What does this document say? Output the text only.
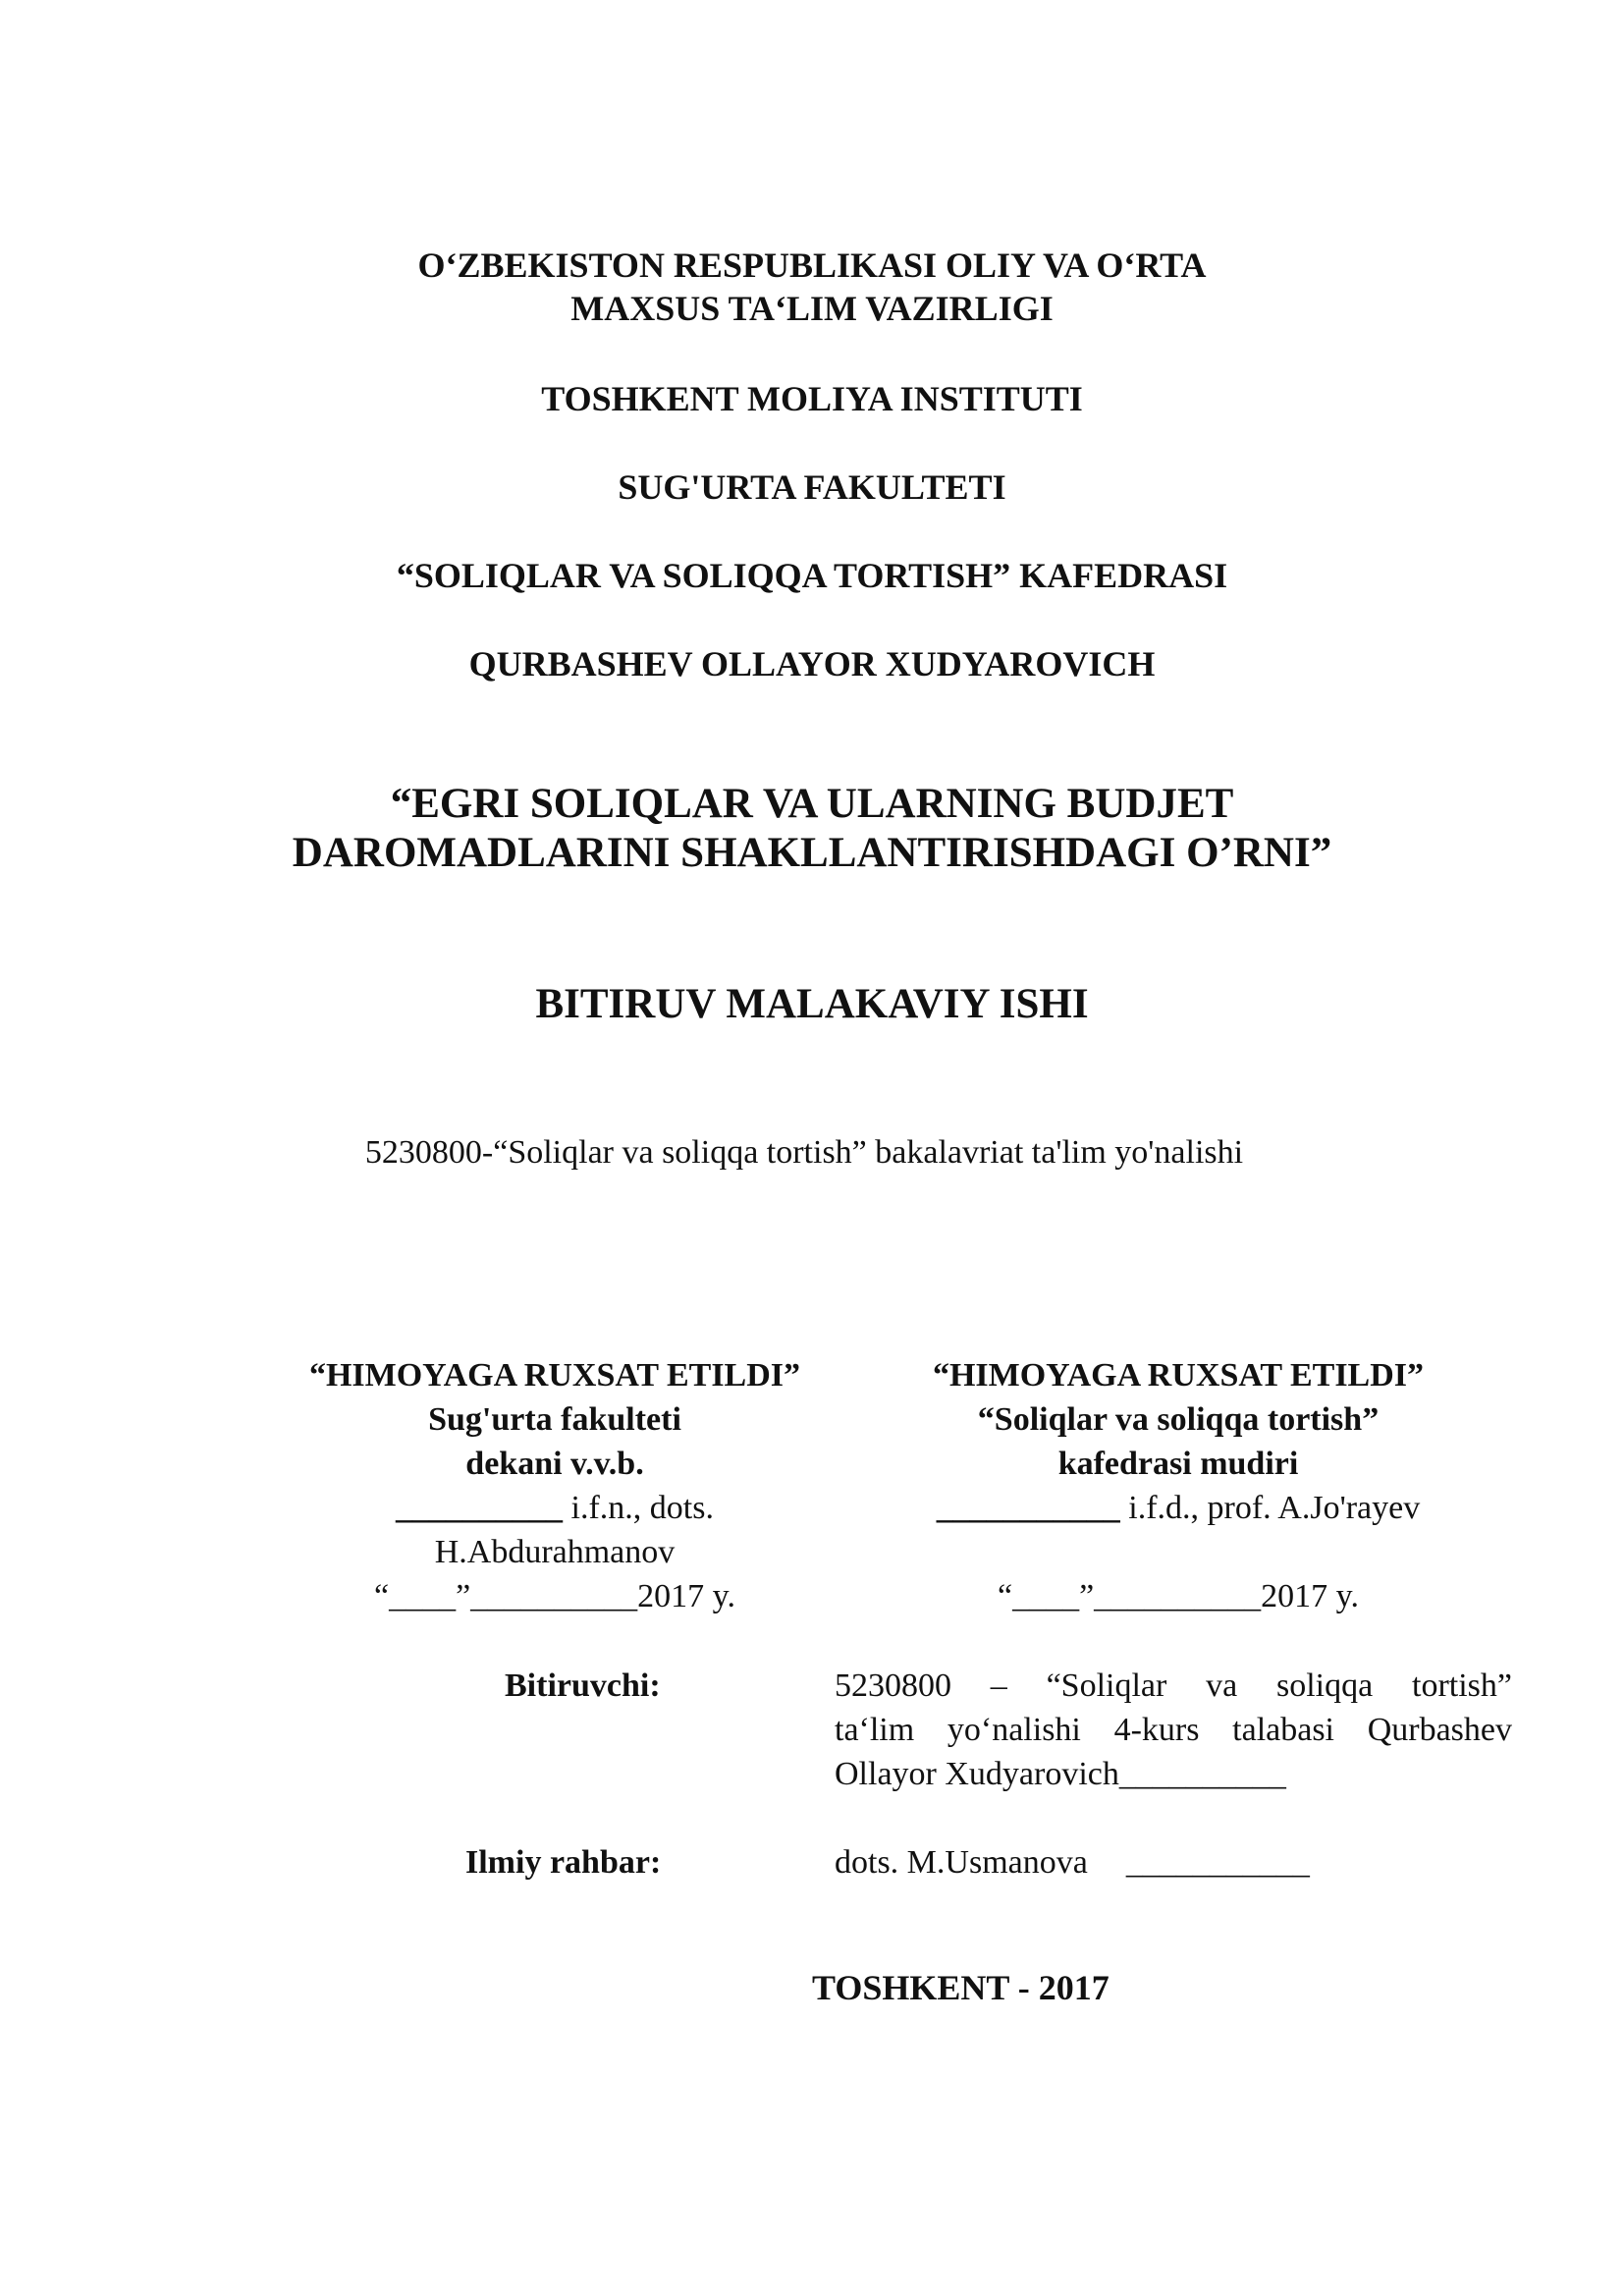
O‘ZBEKISTON RESPUBLIKASI OLIY VA O‘RTA
MAXSUS TA‘LIM VAZIRLIGI
TOSHKENT MOLIYA INSTITUTI
SUG'URTA FAKULTETI
“SOLIQLAR VA SOLIQQA TORTISH” KAFEDRASI
QURBASHEV OLLAYOR XUDYAROVICH
“EGRI SOLIQLAR VA ULARNING BUDJET
DAROMADLARINI SHAKLLANTIRISHDAGI O’RNI”
BITIRUV MALAKAVIY ISHI
5230800-“Soliqlar va soliqqa tortish” bakalavriat ta'lim yo'nalishi
“HIMOYAGA RUXSAT ETILDI”
Sug'urta fakulteti
dekani v.v.b.
__________ i.f.n., dots.
H.Abdurahmanov
“____”__________2017 y.
“HIMOYAGA RUXSAT ETILDI”
“Soliqlar va soliqqa tortish”
kafedrasi mudiri
___________ i.f.d., prof. A.Jo'rayev
“____”__________2017 y.
Bitiruvchi:	5230800 – “Soliqlar va soliqqa tortish”
ta‘lim yo‘nalishi 4-kurs talabasi Qurbashev
Ollayor Xudyarovich__________
Ilmiy rahbar:	dots. M.Usmanova ___________
TOSHKENT - 2017
